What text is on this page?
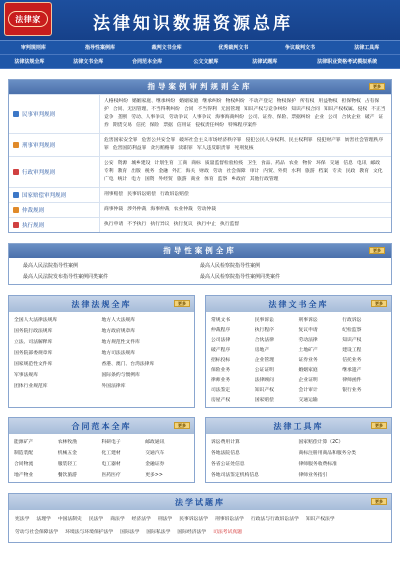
法律家	法律知识数据资源总库
审判规则库	指导性案例库	裁判文书全库	优秀裁判文书	争议裁判文书	法律工具库
法律法规全库	法律文书全库	合同范本全库	公文文献库	法律试题库	法律职业资格考试模拟系统
指导案例审判规则全库	更多
民事审判规则
人格权纠纷 婚姻家庭、继承纠纷 婚姻家庭 继承纠纷 物权纠纷 不动产登记 物权保护 所有权 用益物权 担保物权 占有保护 合同、无因管理、不当得利纠纷 合同 不当得利 无因管理 知识产权与竞争纠纷 知识产权合同 知识产权权属、侵权 不正当竞争 垄断 劳动、人事争议 劳动争议 人事争议 海事海商纠纷 公司、证券、保险、票据纠纷 企业 公司 合伙企业 破产 证券 期货交易 信托 保险 票据 信用证 侵权责任纠纷 特殊程序案件
刑事审判规则
危害国家安全罪 危害公共安全罪 破坏社会主义市场经济秩序罪 侵犯公民人身权利、民主权利罪 侵犯财产罪 妨害社会管理秩序罪 危害国防利益罪 贪污贿赂罪 渎职罪 军人违反职责罪 死刑复核
行政审判规则
公安 资源 城乡建设 计划生育 工商 商标 质量监督检验检疫 卫生 食品、药品 农业 物价 环保 交通 信息 电讯 邮政专利 教育 出版 税务 金融 外汇 海关 财政 劳动 社会保障 审计 内贸、外贸 水利 旅游 档案 专卖 民政 教育 文化广电 统计 电力 国资 外经贸 旅游 商业 体育 监察 乡政府 其他行政管理
国家赔偿审判规则	刑事赔偿 民事诉讼赔偿 行政诉讼赔偿
仲裁规则	商事仲裁 涉外仲裁 海事仲裁 农业仲裁 劳动仲裁
执行规则	执行申请 不予执行 执行异议 执行复议 执行中止 执行监督
指导性案例全库	更多
最高人民法院指导性案例	最高人民检察院指导性案例
最高人民法院发布指导性案例同类案件	最高人民检察院指导性案例同类案件
法律法规全库	更多
全国人大法律法规库	地方人大法规库
国务院行政法规库	地方政府规章库
立法、司法解释库	地方规范性文件库
国务院部委规章库	地方司法法规库
国家规范性文件库	香港、澳门、台湾法律库
军事法规库	国际条约与惯例库
团体行业规范库	外国法律库
法律文书全库	更多
常规文书	民事诉讼	刑事诉讼	行政诉讼
仲裁程序	执行程序	复议申请	纪检监察
公司法律	合伙法律	劳动法律	知识产权
破产程序	房地产	土地矿产	建设工程
招标投标	企业管理	证券业务	信托业务
保险业务	公证证明	婚姻家庭	继承遗产
律师业务	法律顾问	企业证明	律师函件
司法鉴定	知识产权	会计审计	银行业务
房屋产权	国家赔偿	交通运输
合同范本全库	更多
能源矿产	农林牧渔	科研电子	邮政通讯
制造装配	机械五金	化工建材	交通汽车
合同物流	服装轻工	电工器材	金融证券
地产物业	餐饮旅游	医药医疗	更多>>
法律工具库	更多
诉讼费用计算	国家赔偿计算（2C）
各地法院信息	商标注册用商品和服务分类
各省公证处信息	律师服务收费标准
各地司法鉴定机构信息	律师业务指引
法学试题库	更多
宪法学 法理学 中国法制史 民法学 商法学 经济法学 刑法学 民事诉讼法学 刑事诉讼法学 行政法与行政诉讼法学 知识产权法学劳动与社会保障法学 环境法与环境保护法学 国际法学 国际私法学 国际经济法学 司法考试真题
